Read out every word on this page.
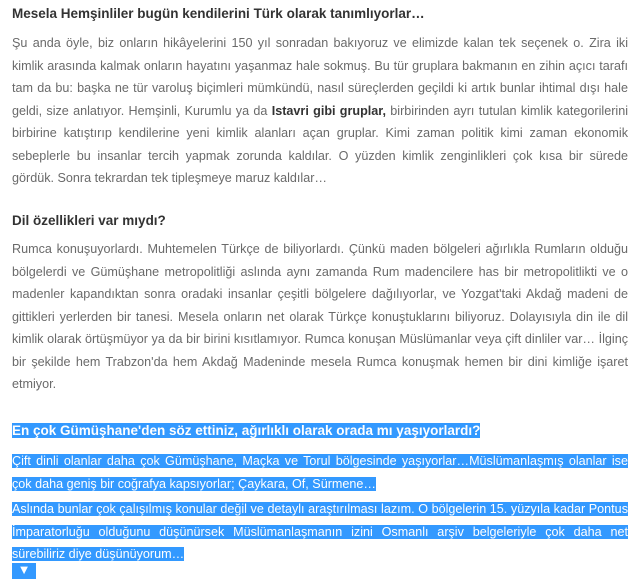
Mesela Hemşinliler bugün kendilerini Türk olarak tanımlıyorlar…

Şu anda öyle, biz onların hikâyelerini 150 yıl sonradan bakıyoruz ve elimizde kalan tek seçenek o. Zira iki kimlik arasında kalmak onların hayatını yaşanmaz hale sokmuş. Bu tür gruplara bakmanın en zihin açıcı tarafı tam da bu: başka ne tür varoluş biçimleri mümkündü, nasıl süreçlerden geçildi ki artık bunlar ihtimal dışı hale geldi, size anlatıyor. Hemşinli, Kurumlu ya da Istavri gibi gruplar, birbirinden ayrı tutulan kimlik kategorilerini birbirine katıştırıp kendilerine yeni kimlik alanları açan gruplar. Kimi zaman politik kimi zaman ekonomik sebeplerle bu insanlar tercih yapmak zorunda kaldılar. O yüzden kimlik zenginlikleri çok kısa bir sürede gördük. Sonra tekrardan tek tipleşmeye maruz kaldılar…

Dil özellikleri var mıydı?

Rumca konuşuyorlardı. Muhtemelen Türkçe de biliyorlardı. Çünkü maden bölgeleri ağırlıkla Rumların olduğu bölgelerdi ve Gümüşhane metropolitliği aslında aynı zamanda Rum madencilere has bir metropolitlikti ve o madenler kapandıktan sonra oradaki insanlar çeşitli bölgelere dağılıyorlar, ve Yozgat'taki Akdağ madeni de gittikleri yerlerden bir tanesi. Mesela onların net olarak Türkçe konuştuklarını biliyoruz. Dolayısıyla din ile dil kimlik olarak örtüşmüyor ya da bir birini kısıtlamıyor. Rumca konuşan Müslümanlar veya çift dinliler var… İlginç bir şekilde hem Trabzon'da hem Akdağ Madeninde mesela Rumca konuşmak hemen bir dini kimliğe işaret etmiyor.

En çok Gümüşhane'den söz ettiniz, ağırlıklı olarak orada mı yaşıyorlardı?

Çift dinli olanlar daha çok Gümüşhane, Maçka ve Torul bölgesinde yaşıyorlar…Müslümanlaşmış olanlar ise çok daha geniş bir coğrafya kapsıyorlar; Çaykara, Of, Sürmene…

Aslında bunlar çok çalışılmış konular değil ve detaylı araştırılması lazım. O bölgelerin 15. yüzyıla kadar Pontus İmparatorluğu olduğunu düşünürsek Müslümanlaşmanın izini Osmanlı arşiv belgeleriyle çok daha net sürebiliriz diye düşünüyorum…

▼
